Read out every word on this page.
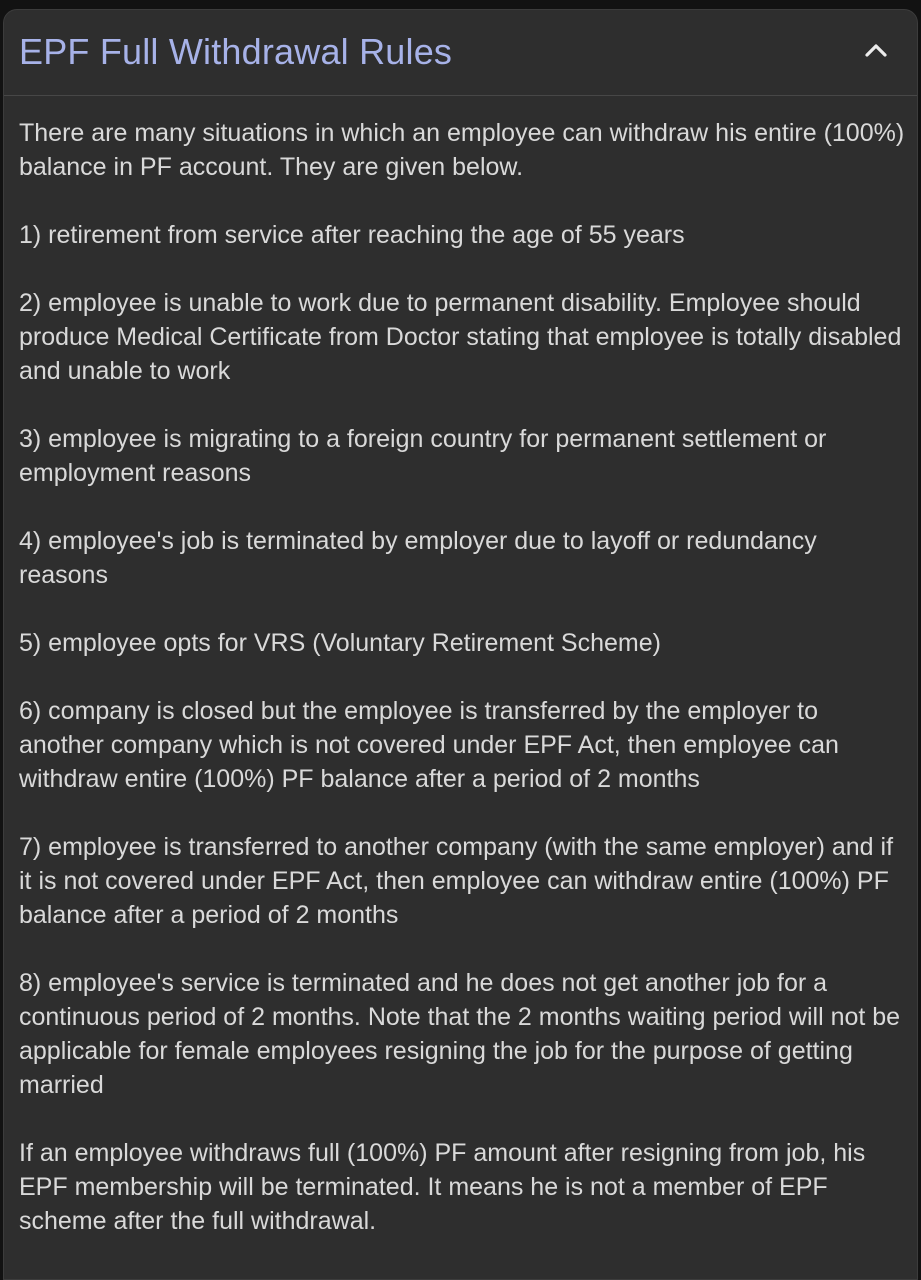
EPF Full Withdrawal Rules

There are many situations in which an employee can withdraw his entire (100%) balance in PF account. They are given below.

1) retirement from service after reaching the age of 55 years

2) employee is unable to work due to permanent disability. Employee should produce Medical Certificate from Doctor stating that employee is totally disabled and unable to work

3) employee is migrating to a foreign country for permanent settlement or employment reasons

4) employee's job is terminated by employer due to layoff or redundancy reasons

5) employee opts for VRS (Voluntary Retirement Scheme)

6) company is closed but the employee is transferred by the employer to another company which is not covered under EPF Act, then employee can withdraw entire (100%) PF balance after a period of 2 months

7) employee is transferred to another company (with the same employer) and if it is not covered under EPF Act, then employee can withdraw entire (100%) PF balance after a period of 2 months

8) employee's service is terminated and he does not get another job for a continuous period of 2 months. Note that the 2 months waiting period will not be applicable for female employees resigning the job for the purpose of getting married

If an employee withdraws full (100%) PF amount after resigning from job, his EPF membership will be terminated. It means he is not a member of EPF scheme after the full withdrawal.
